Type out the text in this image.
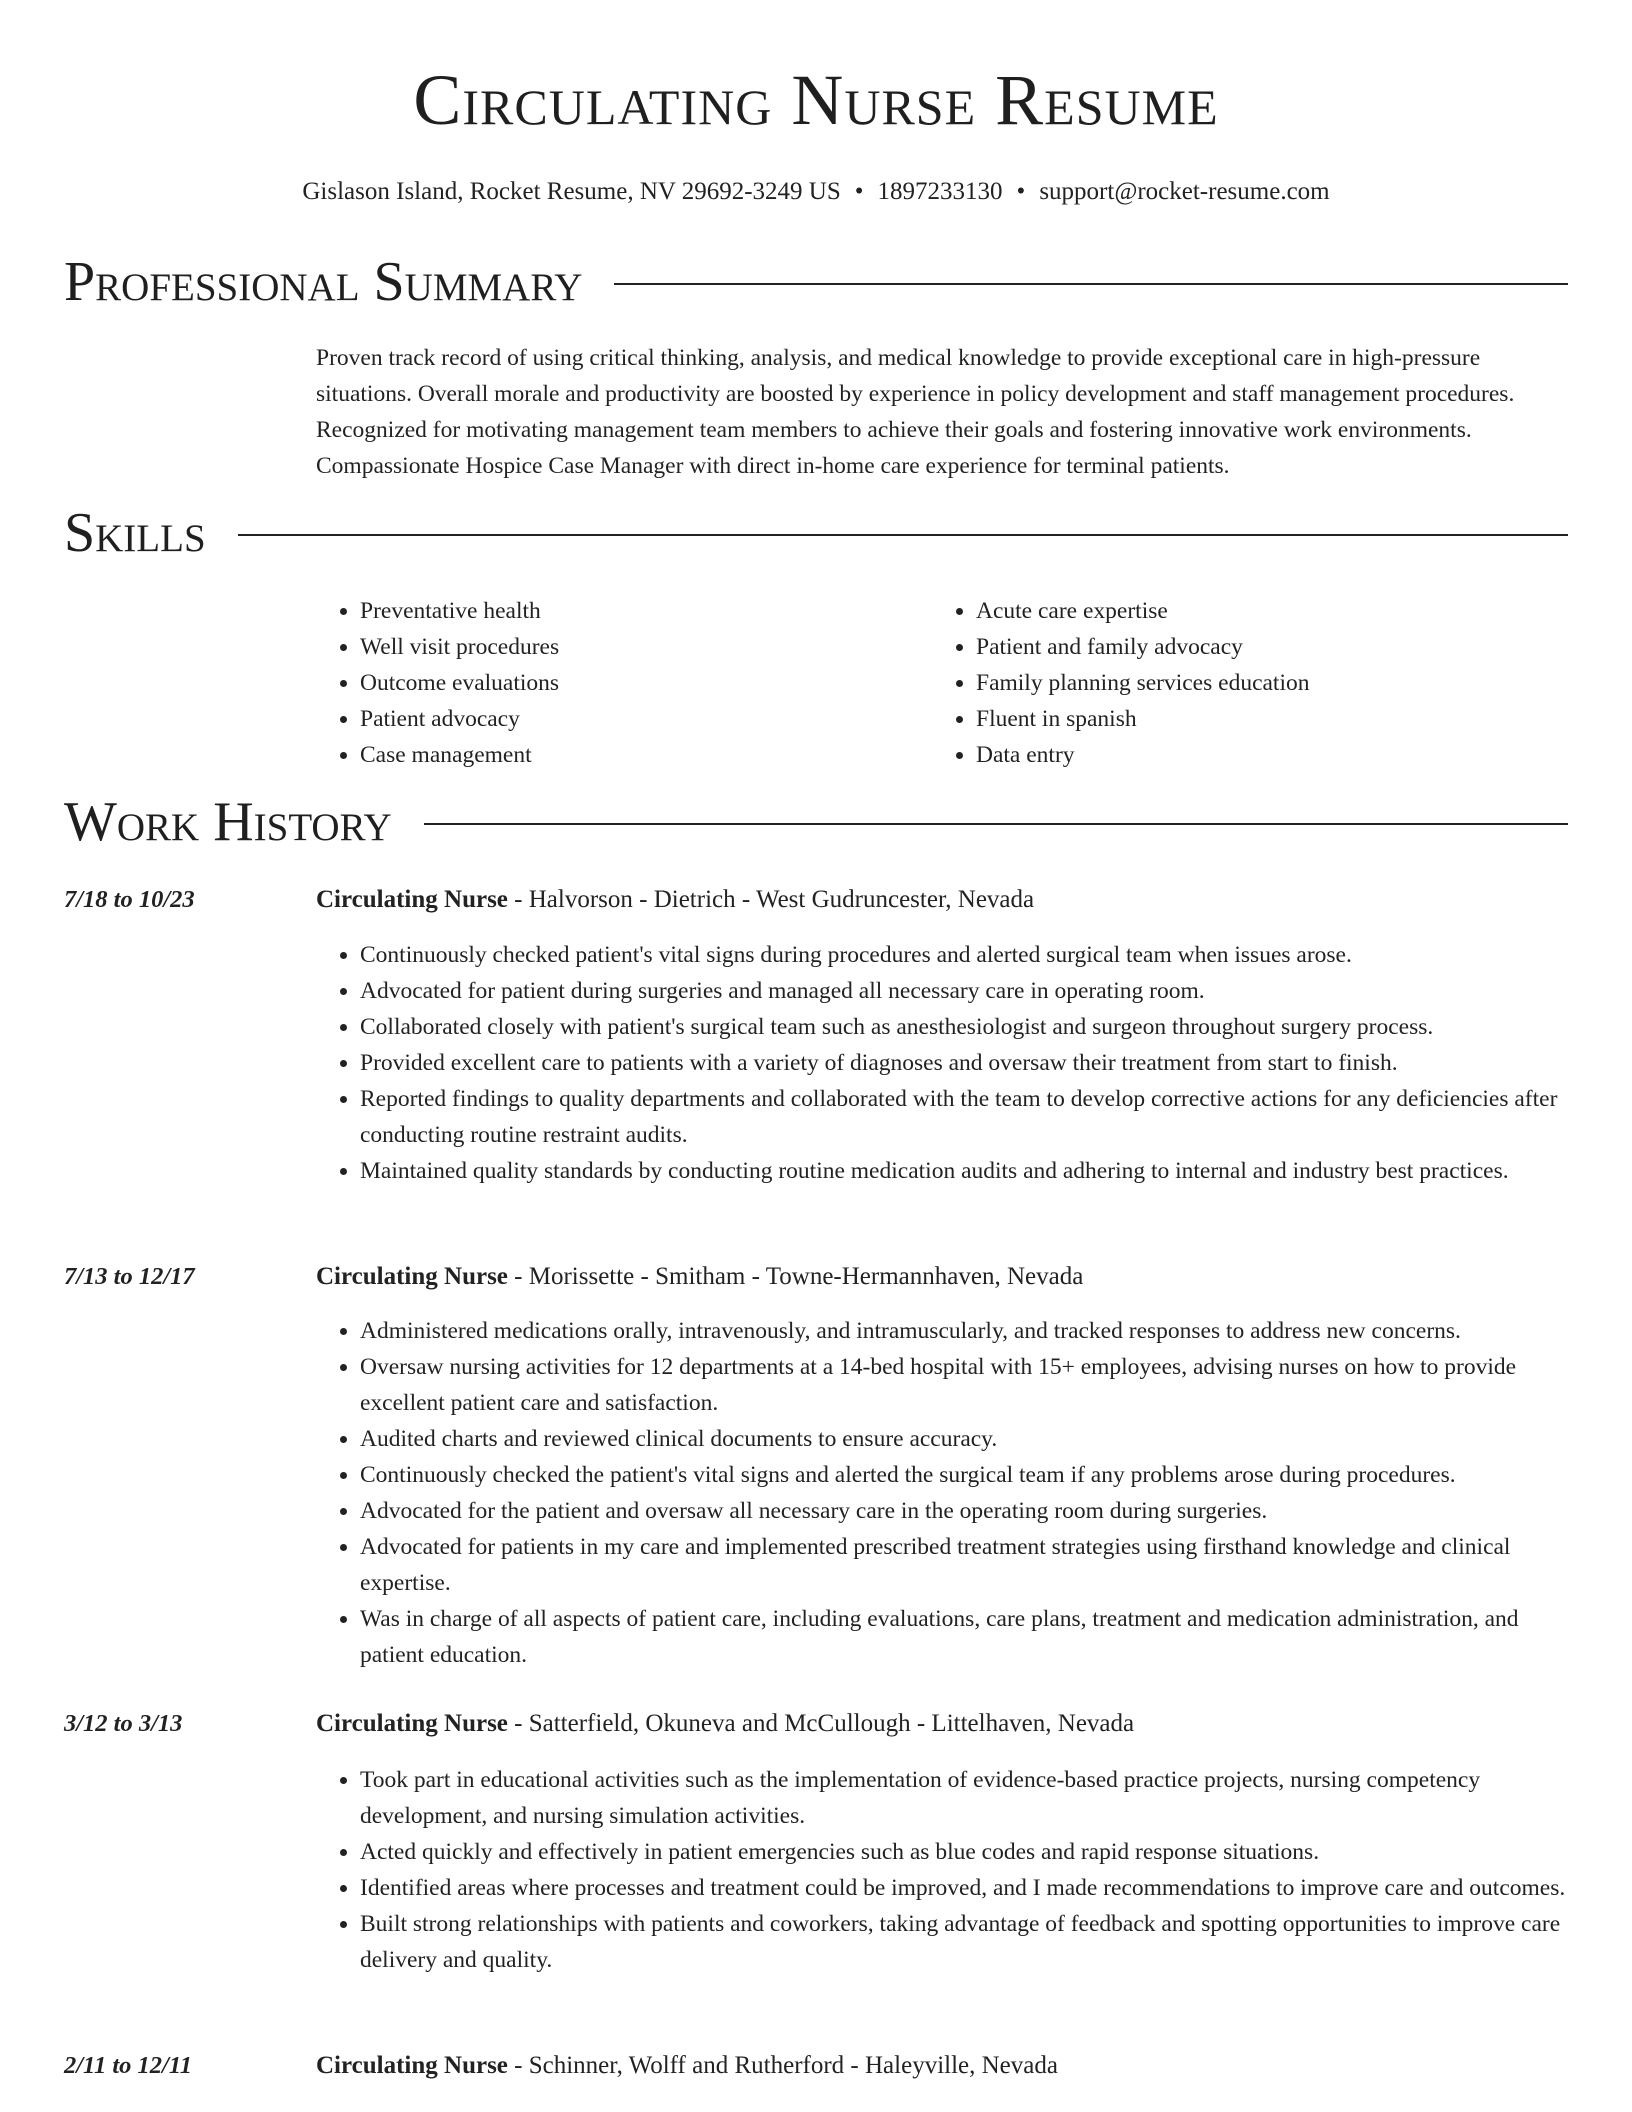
Circulating Nurse Resume
Gislason Island, Rocket Resume, NV 29692-3249 US • 1897233130 • support@rocket-resume.com
Professional Summary

Proven track record of using critical thinking, analysis, and medical knowledge to provide exceptional care in high-pressure situations. Overall morale and productivity are boosted by experience in policy development and staff management procedures. Recognized for motivating management team members to achieve their goals and fostering innovative work environments. Compassionate Hospice Case Manager with direct in-home care experience for terminal patients.

Skills
• Preventative health
• Well visit procedures
• Outcome evaluations
• Patient advocacy
• Case management
• Acute care expertise
• Patient and family advocacy
• Family planning services education
• Fluent in spanish
• Data entry
Work History
7/18 to 10/23	Circulating Nurse - Halvorson - Dietrich - West Gudruncester, Nevada
• Continuously checked patient's vital signs during procedures and alerted surgical team when issues arose.
• Advocated for patient during surgeries and managed all necessary care in operating room.
• Collaborated closely with patient's surgical team such as anesthesiologist and surgeon throughout surgery process.
• Provided excellent care to patients with a variety of diagnoses and oversaw their treatment from start to finish.
• Reported findings to quality departments and collaborated with the team to develop corrective actions for any deficiencies after conducting routine restraint audits.
• Maintained quality standards by conducting routine medication audits and adhering to internal and industry best practices.
7/13 to 12/17	Circulating Nurse - Morissette - Smitham - Towne-Hermannhaven, Nevada
• Administered medications orally, intravenously, and intramuscularly, and tracked responses to address new concerns.
• Oversaw nursing activities for 12 departments at a 14-bed hospital with 15+ employees, advising nurses on how to provide excellent patient care and satisfaction.
• Audited charts and reviewed clinical documents to ensure accuracy.
• Continuously checked the patient's vital signs and alerted the surgical team if any problems arose during procedures.
• Advocated for the patient and oversaw all necessary care in the operating room during surgeries.
• Advocated for patients in my care and implemented prescribed treatment strategies using firsthand knowledge and clinical expertise.
• Was in charge of all aspects of patient care, including evaluations, care plans, treatment and medication administration, and patient education.
3/12 to 3/13	Circulating Nurse - Satterfield, Okuneva and McCullough - Littelhaven, Nevada
• Took part in educational activities such as the implementation of evidence-based practice projects, nursing competency development, and nursing simulation activities.
• Acted quickly and effectively in patient emergencies such as blue codes and rapid response situations.
• Identified areas where processes and treatment could be improved, and I made recommendations to improve care and outcomes.
• Built strong relationships with patients and coworkers, taking advantage of feedback and spotting opportunities to improve care delivery and quality.
2/11 to 12/11	Circulating Nurse - Schinner, Wolff and Rutherford - Haleyville, Nevada
